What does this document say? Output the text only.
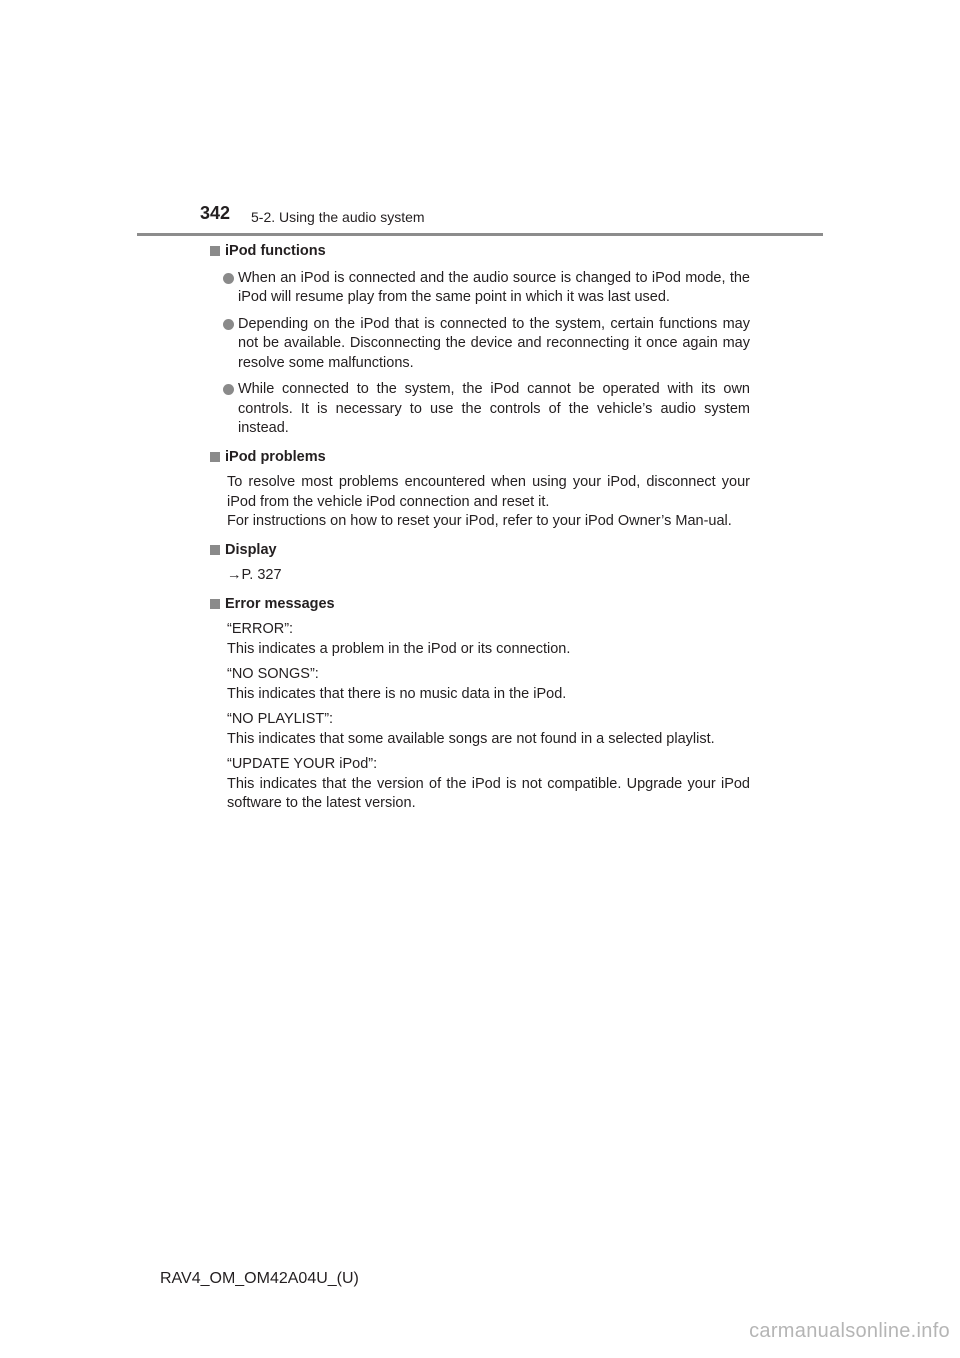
342 5-2. Using the audio system
iPod functions
When an iPod is connected and the audio source is changed to iPod mode, the iPod will resume play from the same point in which it was last used.
Depending on the iPod that is connected to the system, certain functions may not be available. Disconnecting the device and reconnecting it once again may resolve some malfunctions.
While connected to the system, the iPod cannot be operated with its own controls. It is necessary to use the controls of the vehicle’s audio system instead.
iPod problems
To resolve most problems encountered when using your iPod, disconnect your iPod from the vehicle iPod connection and reset it.
For instructions on how to reset your iPod, refer to your iPod Owner’s Man-ual.
Display
→P. 327
Error messages
“ERROR”:
This indicates a problem in the iPod or its connection.
“NO SONGS”:
This indicates that there is no music data in the iPod.
“NO PLAYLIST”:
This indicates that some available songs are not found in a selected playlist.
“UPDATE YOUR iPod”:
This indicates that the version of the iPod is not compatible. Upgrade your iPod software to the latest version.
RAV4_OM_OM42A04U_(U)
carmanualsonline.info
